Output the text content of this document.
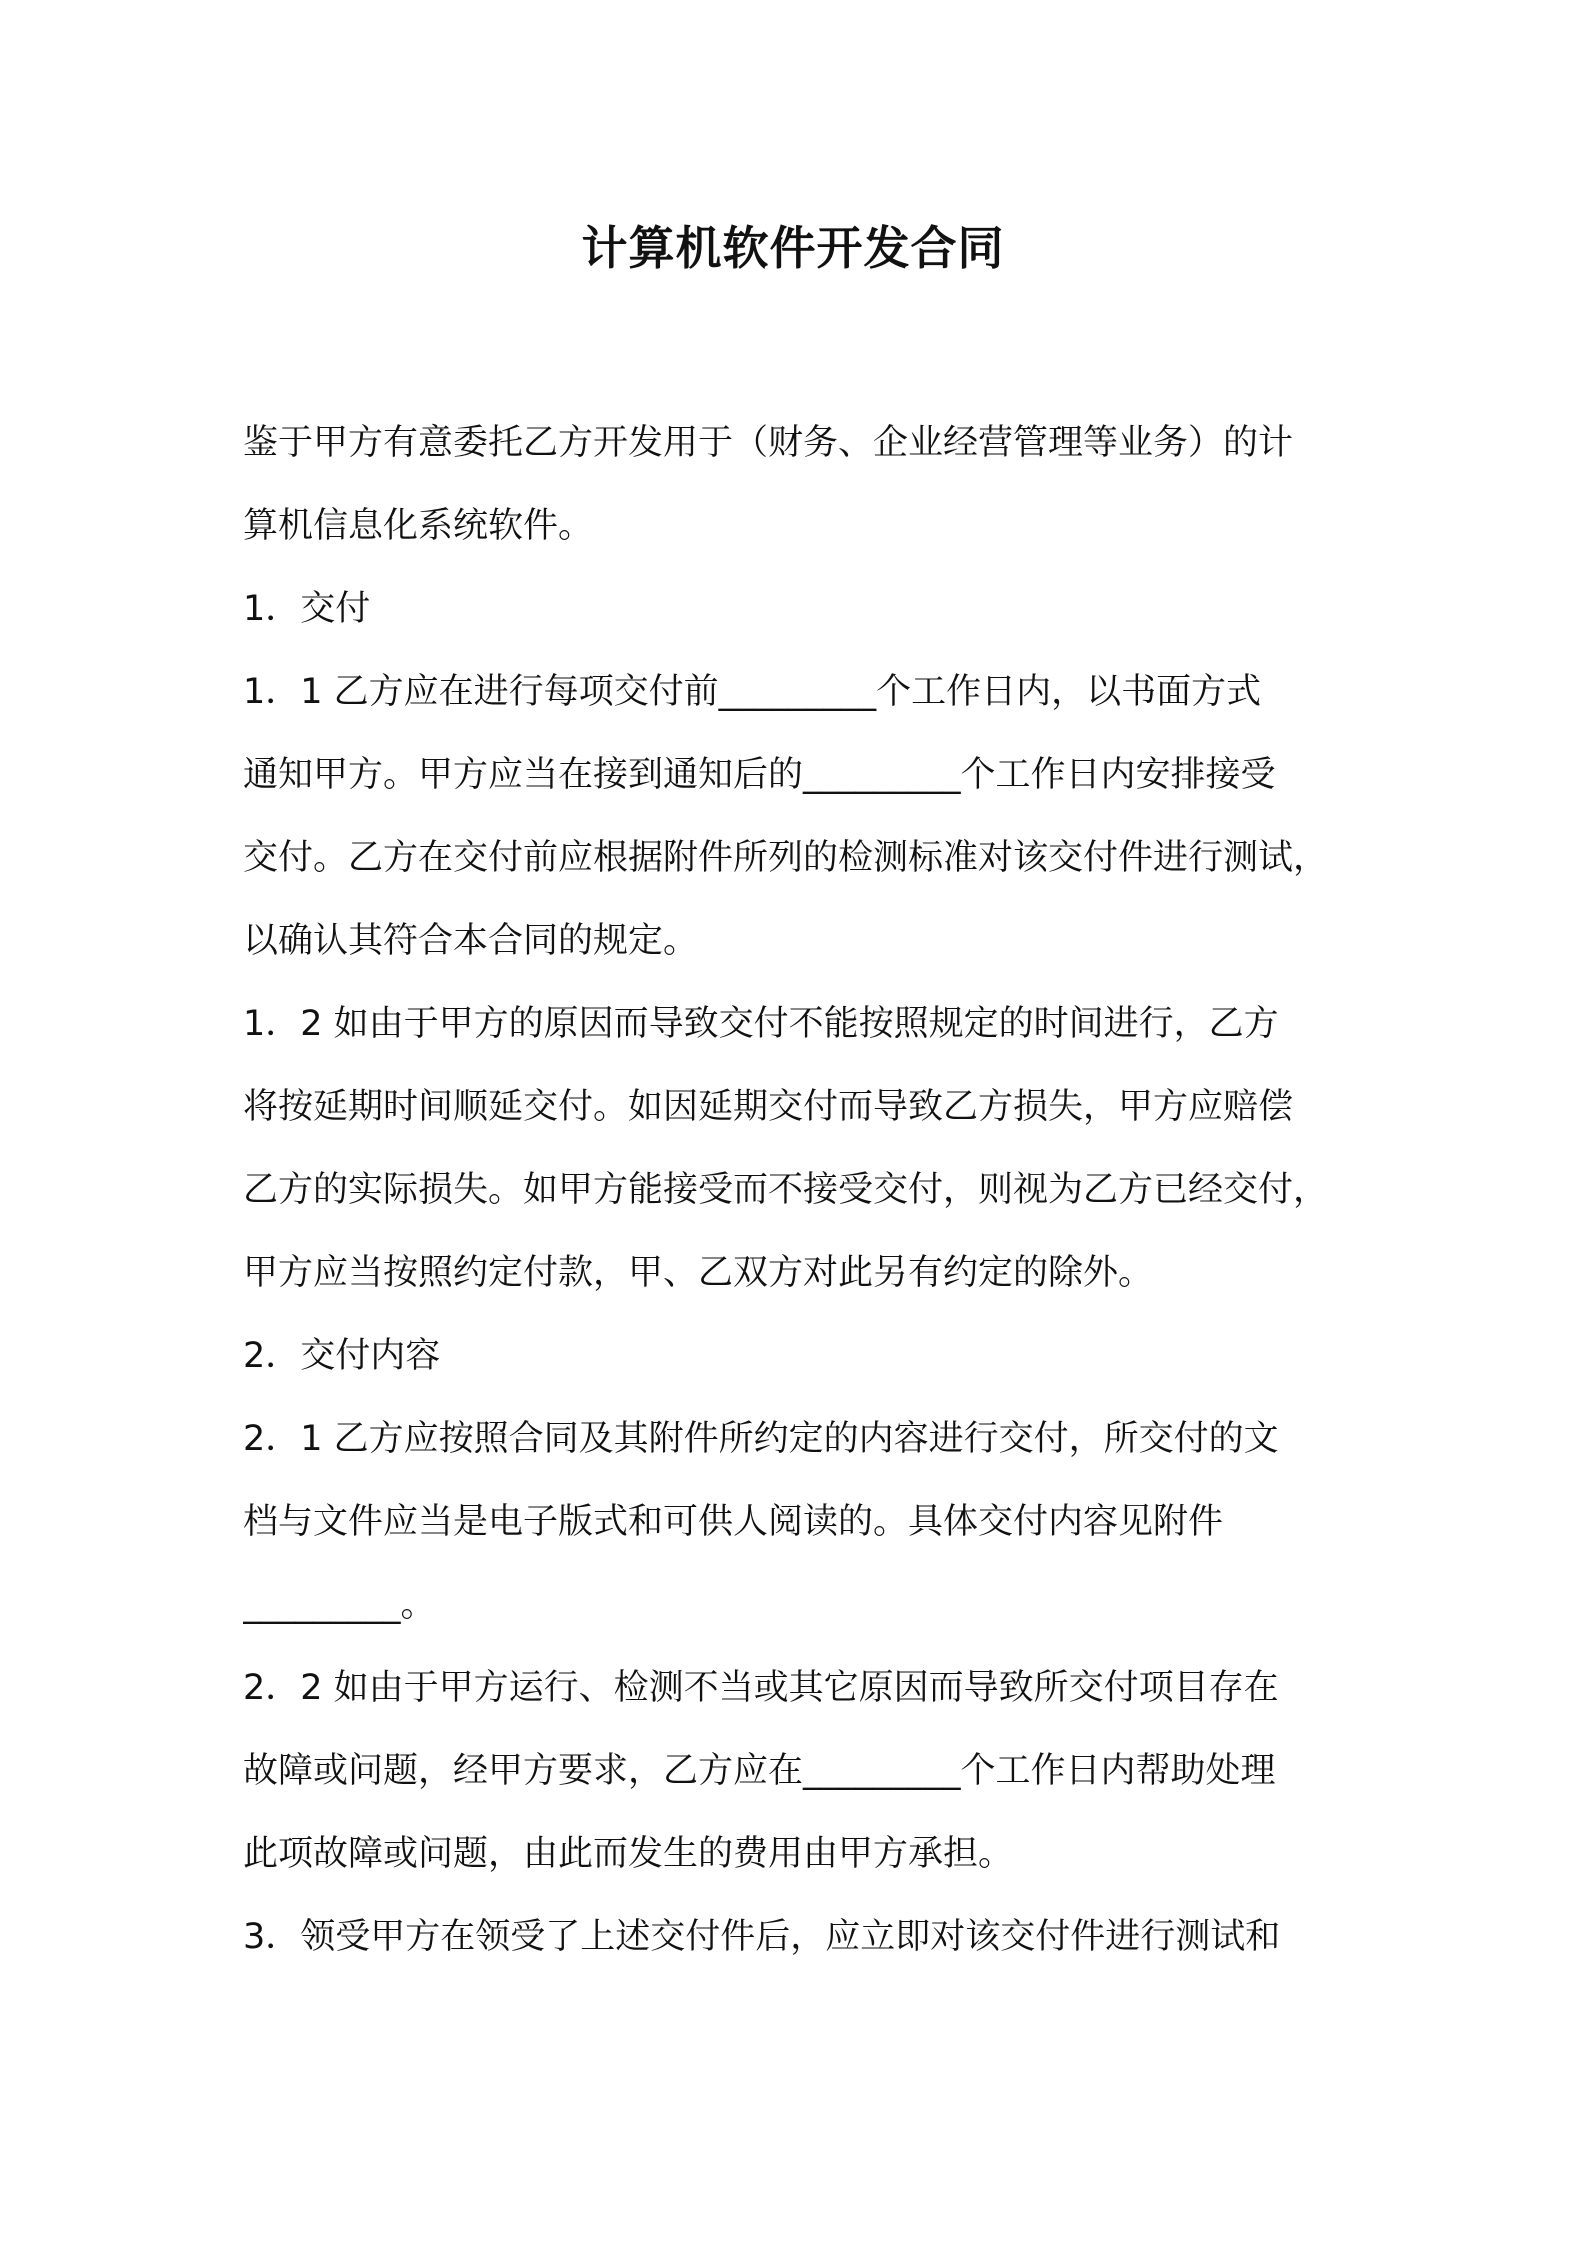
计算机软件开发合同
鉴于甲方有意委托乙方开发用于（财务、企业经营管理等业务）的计
算机信息化系统软件。
1．交付
1．1 乙方应在进行每项交付前_________个工作日内，以书面方式
通知甲方。甲方应当在接到通知后的_________个工作日内安排接受
交付。乙方在交付前应根据附件所列的检测标准对该交付件进行测试，
以确认其符合本合同的规定。
1．2 如由于甲方的原因而导致交付不能按照规定的时间进行，乙方
将按延期时间顺延交付。如因延期交付而导致乙方损失，甲方应赔偿
乙方的实际损失。如甲方能接受而不接受交付，则视为乙方已经交付，
甲方应当按照约定付款，甲、乙双方对此另有约定的除外。
2．交付内容
2．1 乙方应按照合同及其附件所约定的内容进行交付，所交付的文
档与文件应当是电子版式和可供人阅读的。具体交付内容见附件
_________。
2．2 如由于甲方运行、检测不当或其它原因而导致所交付项目存在
故障或问题，经甲方要求，乙方应在_________个工作日内帮助处理
此项故障或问题，由此而发生的费用由甲方承担。
3．领受甲方在领受了上述交付件后，应立即对该交付件进行测试和
